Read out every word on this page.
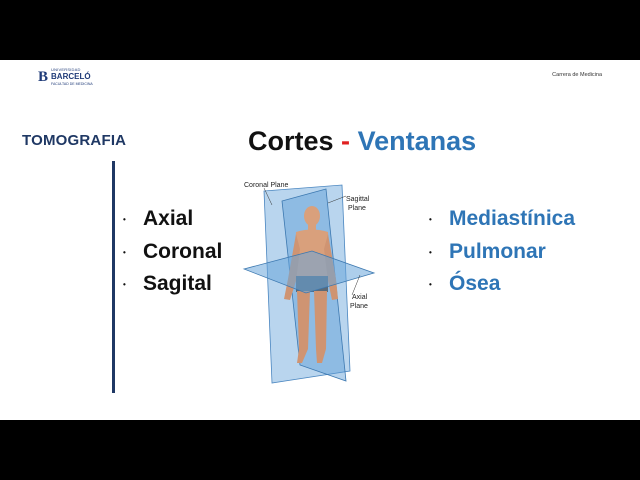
B UNIVERSIDAD
BARCELÓ
FACULTAD DE MEDICINA
Carrera de Medicina
TOMOGRAFIA	Cortes - Ventanas
• Axial
• Coronal
• Sagital
• Mediastínica
• Pulmonar
• Ósea
Coronal Plane
Sagittal
Plane
Axial
Plane
